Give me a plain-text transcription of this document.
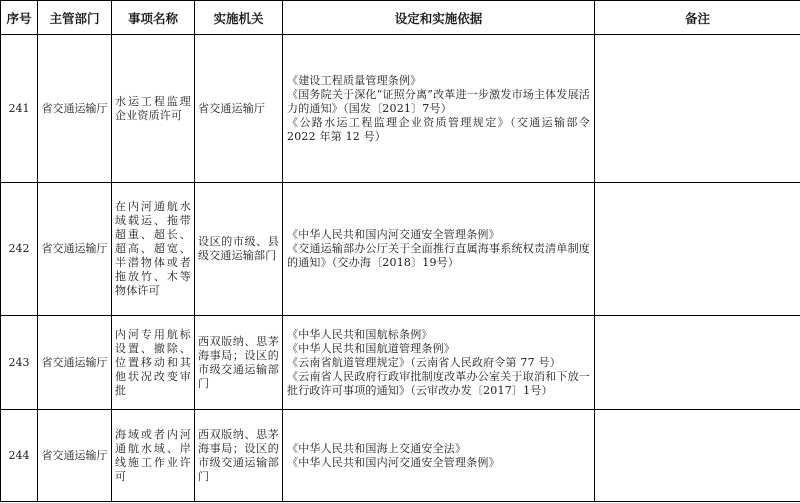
序号	主管部门	事项名称	实施机关	设定和实施依据	备注
241	省交通运输厅	水运工程监理企业资质许可	省交通运输厅	《建设工程质量管理条例》
《国务院关于深化“证照分离”改革进一步激发市场主体发展活力的通知》（国发〔2021〕7号）
《公路水运工程监理企业资质管理规定》（交通运输部令 2022 年第 12 号）	

242	省交通运输厅	在内河通航水域载运、拖带超重、超长、超高、超宽、半潜物体或者拖放竹、木等物体许可	设区的市级、县级交通运输部门	《中华人民共和国内河交通安全管理条例》
《交通运输部办公厅关于全面推行直属海事系统权责清单制度的通知》（交办海〔2018〕19号）	

243	省交通运输厅	内河专用航标设置、撤除、位置移动和其他状况改变审批	西双版纳、思茅海事局；设区的市级交通运输部门	《中华人民共和国航标条例》
《中华人民共和国航道管理条例》
《云南省航道管理规定》（云南省人民政府令第 77 号）
《云南省人民政府行政审批制度改革办公室关于取消和下放一批行政许可事项的通知》（云审改办发〔2017〕1号）	

244	省交通运输厅	海域或者内河通航水域、岸线施工作业许可	西双版纳、思茅海事局；设区的市级交通运输部门	《中华人民共和国海上交通安全法》
《中华人民共和国内河交通安全管理条例》	
